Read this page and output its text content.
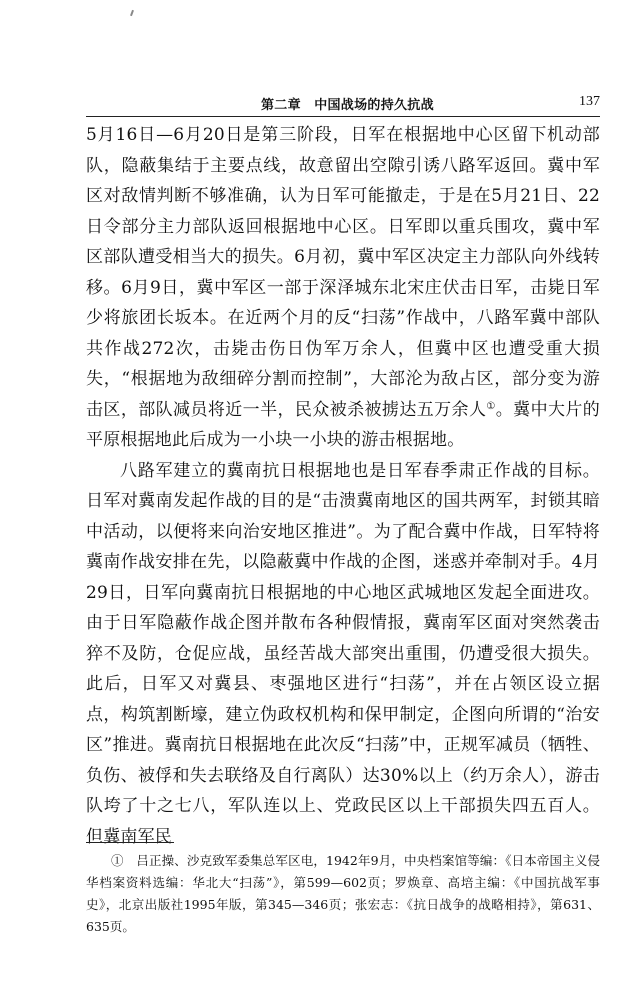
第二章　中国战场的持久抗战	137

5月16日—6月20日是第三阶段，日军在根据地中心区留下机动部队，隐蔽集结于主要点线，故意留出空隙引诱八路军返回。冀中军区对敌情判断不够准确，认为日军可能撤走，于是在5月21日、22日令部分主力部队返回根据地中心区。日军即以重兵围攻，冀中军区部队遭受相当大的损失。6月初，冀中军区决定主力部队向外线转移。6月9日，冀中军区一部于深泽城东北宋庄伏击日军，击毙日军少将旅团长坂本。在近两个月的反“扫荡”作战中，八路军冀中部队共作战272次，击毙击伤日伪军万余人，但冀中区也遭受重大损失，“根据地为敌细碎分割而控制”，大部沦为敌占区，部分变为游击区，部队减员将近一半，民众被杀被掳达五万余人①。冀中大片的平原根据地此后成为一小块一小块的游击根据地。

八路军建立的冀南抗日根据地也是日军春季肃正作战的目标。日军对冀南发起作战的目的是“击溃冀南地区的国共两军，封锁其暗中活动，以便将来向治安地区推进”。为了配合冀中作战，日军特将冀南作战安排在先，以隐蔽冀中作战的企图，迷惑并牵制对手。4月29日，日军向冀南抗日根据地的中心地区武城地区发起全面进攻。由于日军隐蔽作战企图并散布各种假情报，冀南军区面对突然袭击猝不及防，仓促应战，虽经苦战大部突出重围，仍遭受很大损失。此后，日军又对冀县、枣强地区进行“扫荡”，并在占领区设立据点，构筑割断壕，建立伪政权机构和保甲制定，企图向所谓的“治安区”推进。冀南抗日根据地在此次反“扫荡”中，正规军减员（牺牲、负伤、被俘和失去联络及自行离队）达30%以上（约万余人），游击队垮了十之七八，军队连以上、党政民区以上干部损失四五百人。但冀南军民

①　 吕正操、沙克致军委集总军区电，1942年9月，中央档案馆等编：《日本帝国主义侵华档案资料选编：华北大“扫荡”》，第599—602页；罗焕章、高培主编：《中国抗战军事史》，北京出版社1995年版，第345—346页；张宏志：《抗日战争的战略相持》，第631、635页。
